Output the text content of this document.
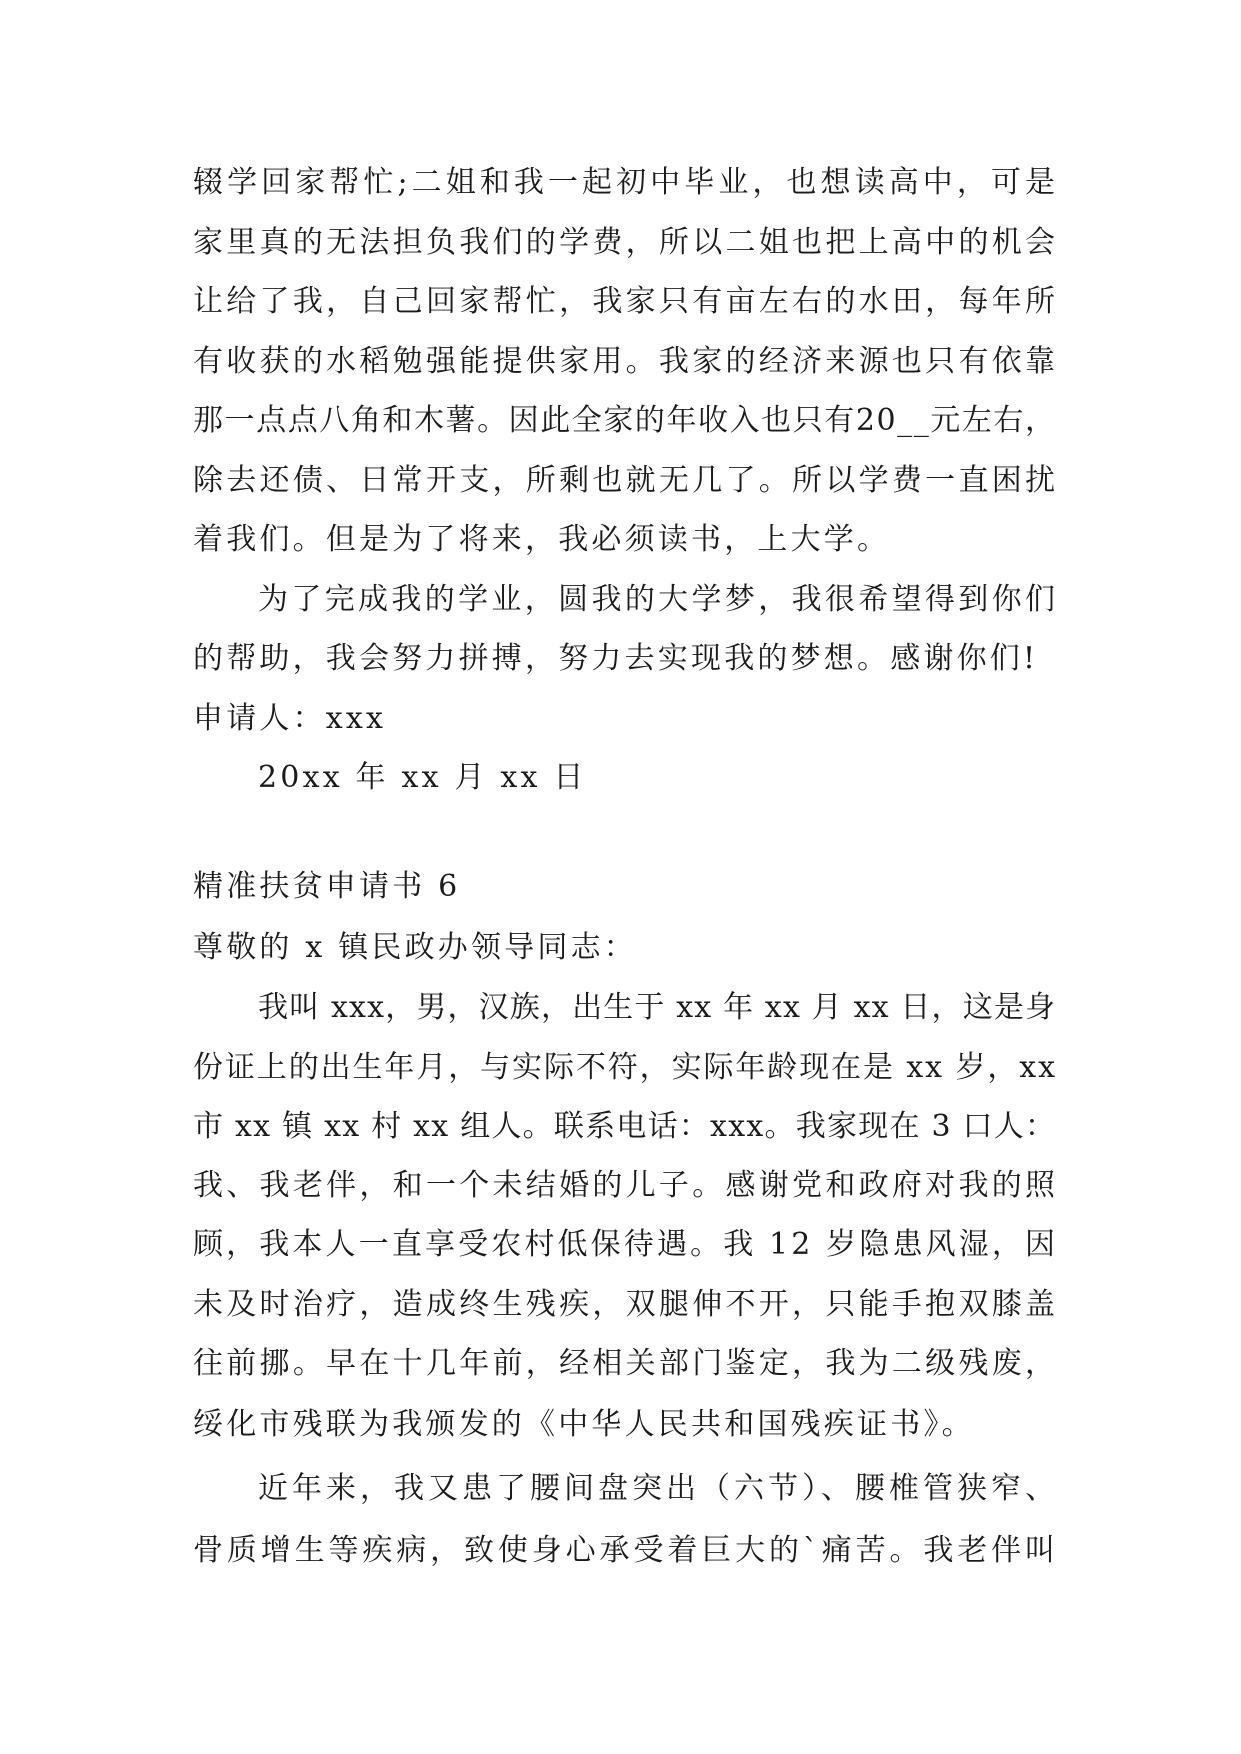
辍学回家帮忙;二姐和我一起初中毕业，也想读高中，可是
家里真的无法担负我们的学费，所以二姐也把上高中的机会
让给了我，自己回家帮忙，我家只有亩左右的水田，每年所
有收获的水稻勉强能提供家用。我家的经济来源也只有依靠
那一点点八角和木薯。因此全家的年收入也只有20__元左右，
除去还债、日常开支，所剩也就无几了。所以学费一直困扰
着我们。但是为了将来，我必须读书，上大学。
为了完成我的学业，圆我的大学梦，我很希望得到你们
的帮助，我会努力拼搏，努力去实现我的梦想。感谢你们!
申请人：xxx
20xx 年 xx 月 xx 日
精准扶贫申请书 6
尊敬的 x 镇民政办领导同志：
我叫 xxx，男，汉族，出生于 xx 年 xx 月 xx 日，这是身
份证上的出生年月，与实际不符，实际年龄现在是 xx 岁，xx
市 xx 镇 xx 村 xx 组人。联系电话：xxx。我家现在 3 口人：
我、我老伴，和一个未结婚的儿子。感谢党和政府对我的照
顾，我本人一直享受农村低保待遇。我 12 岁隐患风湿，因
未及时治疗，造成终生残疾，双腿伸不开，只能手抱双膝盖
往前挪。早在十几年前，经相关部门鉴定，我为二级残废，
绥化市残联为我颁发的《中华人民共和国残疾证书》。
近年来，我又患了腰间盘突出（六节）、腰椎管狭窄、
骨质增生等疾病，致使身心承受着巨大的`痛苦。我老伴叫
